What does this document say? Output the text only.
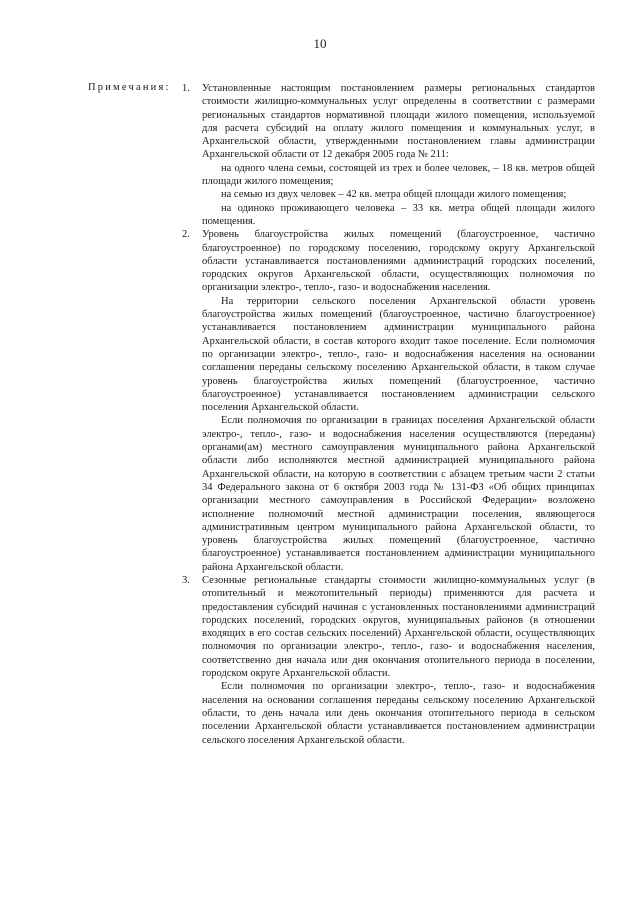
10
Примечания: 1. Установленные настоящим постановлением размеры региональных стандартов стоимости жилищно-коммунальных услуг определены в соответствии с размерами региональных стандартов нормативной площади жилого помещения, используемой для расчета субсидий на оплату жилого помещения и коммунальных услуг, в Архангельской области, утвержденными постановлением главы администрации Архангельской области от 12 декабря 2005 года № 211:

на одного члена семьи, состоящей из трех и более человек, – 18 кв. метров общей площади жилого помещения;

на семью из двух человек – 42 кв. метра общей площади жилого помещения;

на одиноко проживающего человека – 33 кв. метра общей площади жилого помещения.

2. Уровень благоустройства жилых помещений (благоустроенное, частично благоустроенное) по городскому поселению, городскому округу Архангельской области устанавливается постановлениями администраций городских поселений, городских округов Архангельской области, осуществляющих полномочия по организации электро-, тепло-, газо- и водоснабжения населения.

На территории сельского поселения Архангельской области уровень благоустройства жилых помещений (благоустроенное, частично благоустроенное) устанавливается постановлением администрации муниципального района Архангельской области, в состав которого входит такое поселение. Если полномочия по организации электро-, тепло-, газо- и водоснабжения населения на основании соглашения переданы сельскому поселению Архангельской области, в таком случае уровень благоустройства жилых помещений (благоустроенное, частично благоустроенное) устанавливается постановлением администрации сельского поселения Архангельской области.

Если полномочия по организации в границах поселения Архангельской области электро-, тепло-, газо- и водоснабжения населения осуществляются (переданы) органами(ам) местного самоуправления муниципального района Архангельской области либо исполняются местной администрацией муниципального района Архангельской области, на которую в соответствии с абзацем третьим части 2 статьи 34 Федерального закона от 6 октября 2003 года № 131-ФЗ «Об общих принципах организации местного самоуправления в Российской Федерации» возложено исполнение полномочий местной администрации поселения, являющегося административным центром муниципального района Архангельской области, то уровень благоустройства жилых помещений (благоустроенное, частично благоустроенное) устанавливается постановлением администрации муниципального района Архангельской области.

3. Сезонные региональные стандарты стоимости жилищно-коммунальных услуг (в отопительный и межотопительный периоды) применяются для расчета и предоставления субсидий начиная с установленных постановлениями администраций городских поселений, городских округов, муниципальных районов (в отношении входящих в его состав сельских поселений) Архангельской области, осуществляющих полномочия по организации электро-, тепло-, газо- и водоснабжения населения, соответственно дня начала или дня окончания отопительного периода в поселении, городском округе Архангельской области.

Если полномочия по организации электро-, тепло-, газо- и водоснабжения населения на основании соглашения переданы сельскому поселению Архангельской области, то день начала или день окончания отопительного периода в сельском поселении Архангельской области устанавливается постановлением администрации сельского поселения Архангельской области.
